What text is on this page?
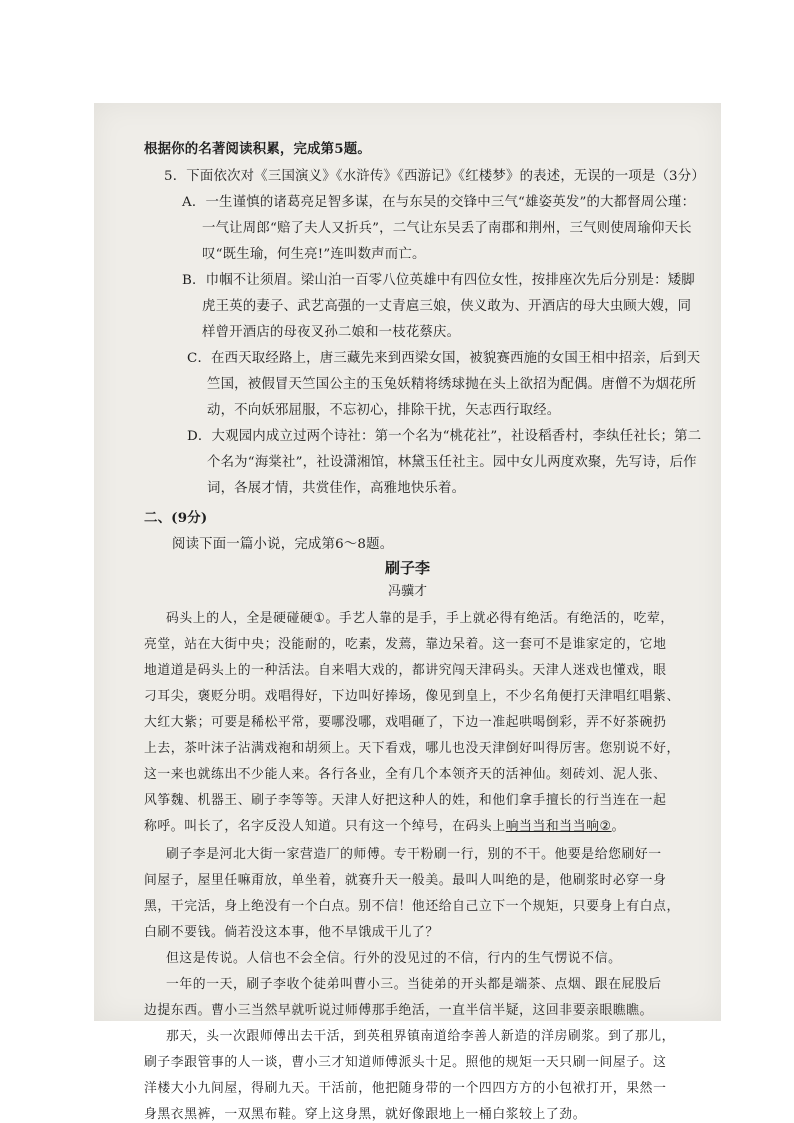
根据你的名著阅读积累，完成第5题。
5．下面依次对《三国演义》《水浒传》《西游记》《红楼梦》的表述，无误的一项是（3分）
A．一生谨慎的诸葛亮足智多谋，在与东吴的交锋中三气“雄姿英发”的大都督周公瑾：
一气让周郎“赔了夫人又折兵”，二气让东吴丢了南郡和荆州，三气则使周瑜仰天长
叹“既生瑜，何生亮!”连叫数声而亡。
B．巾帼不让须眉。梁山泊一百零八位英雄中有四位女性，按排座次先后分别是：矮脚
虎王英的妻子、武艺高强的一丈青扈三娘，侠义敢为、开酒店的母大虫顾大嫂，同
样曾开酒店的母夜叉孙二娘和一枝花蔡庆。
C．在西天取经路上，唐三藏先来到西梁女国，被貌赛西施的女国王相中招亲，后到天
竺国，被假冒天竺国公主的玉兔妖精将绣球抛在头上欲招为配偶。唐僧不为烟花所
动，不向妖邪屈服，不忘初心，排除干扰，矢志西行取经。
D．大观园内成立过两个诗社：第一个名为“桃花社”，社设稻香村，李纨任社长；第二
个名为“海棠社”，社设潇湘馆，林黛玉任社主。园中女儿两度欢聚，先写诗，后作
词，各展才情，共赏佳作，高雅地快乐着。
二、(9分)
阅读下面一篇小说，完成第6～8题。
刷子李
冯骥才
码头上的人，全是硬碰硬①。手艺人靠的是手，手上就必得有绝活。有绝活的，吃荤，
亮堂，站在大街中央；没能耐的，吃素，发蔫，靠边呆着。这一套可不是谁家定的，它地
地道道是码头上的一种活法。自来唱大戏的，都讲究闯天津码头。天津人迷戏也懂戏，眼
刁耳尖，褒贬分明。戏唱得好，下边叫好捧场，像见到皇上，不少名角便打天津唱红唱紫、
大红大紫；可要是稀松平常，要哪没哪，戏唱砸了，下边一准起哄喝倒彩，弄不好茶碗扔
上去，茶叶沫子沾满戏袍和胡须上。天下看戏，哪儿也没天津倒好叫得厉害。您别说不好，
这一来也就练出不少能人来。各行各业，全有几个本领齐天的活神仙。刻砖刘、泥人张、
风筝魏、机器王、刷子李等等。天津人好把这种人的姓，和他们拿手擅长的行当连在一起
称呼。叫长了，名字反没人知道。只有这一个绰号，在码头上响当当和当当响②。
刷子李是河北大街一家营造厂的师傅。专干粉刷一行，别的不干。他要是给您刷好一
间屋子，屋里任嘛甭放，单坐着，就赛升天一般美。最叫人叫绝的是，他刷浆时必穿一身
黑，干完活，身上绝没有一个白点。别不信！他还给自己立下一个规矩，只要身上有白点，
白刷不要钱。倘若没这本事，他不早饿成干儿了？
但这是传说。人信也不会全信。行外的没见过的不信，行内的生气愣说不信。
一年的一天，刷子李收个徒弟叫曹小三。当徒弟的开头都是端茶、点烟、跟在屁股后
边提东西。曹小三当然早就听说过师傅那手绝活，一直半信半疑，这回非要亲眼瞧瞧。
那天，头一次跟师傅出去干活，到英租界镇南道给李善人新造的洋房刷浆。到了那儿，
刷子李跟管事的人一谈，曹小三才知道师傅派头十足。照他的规矩一天只刷一间屋子。这
洋楼大小九间屋，得刷九天。干活前，他把随身带的一个四四方方的小包袱打开，果然一
身黑衣黑裤，一双黑布鞋。穿上这身黑，就好像跟地上一桶白浆较上了劲。
